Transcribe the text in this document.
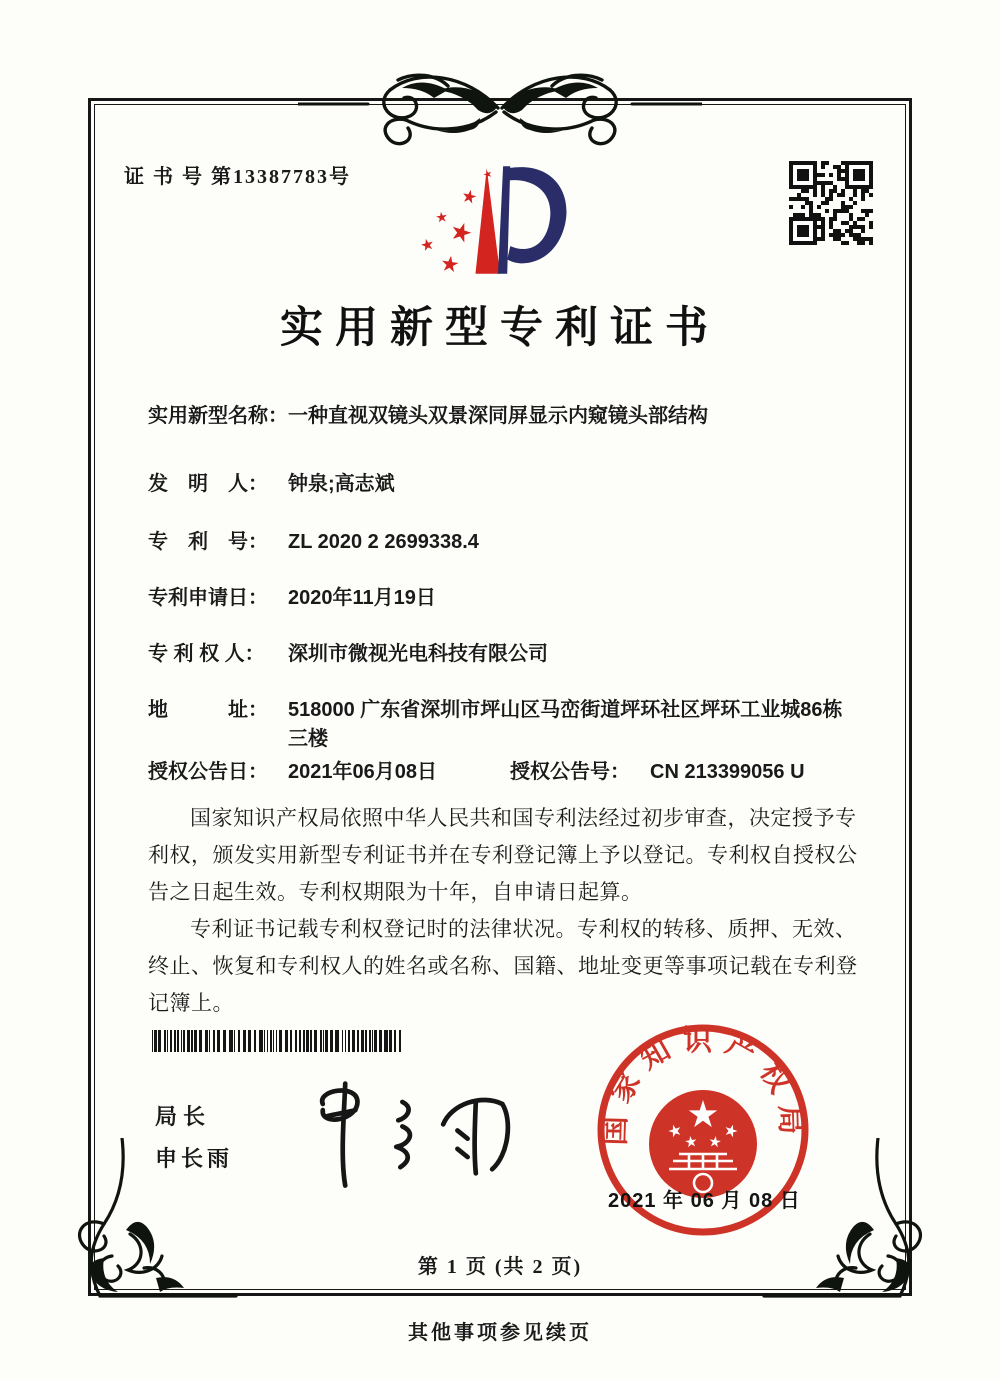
证 书 号 第13387783号
实用新型专利证书
实用新型名称： 一种直视双镜头双景深同屏显示内窥镜头部结构
发　明　人：	钟泉;高志斌
专　利　号：	ZL 2020 2 2699338.4
专利申请日：	2020年11月19日
专 利 权 人：	深圳市微视光电科技有限公司
地　　　址：	518000 广东省深圳市坪山区马峦街道坪环社区坪环工业城86栋三楼
授权公告日：	2021年06月08日	授权公告号：	CN 213399056 U

国家知识产权局依照中华人民共和国专利法经过初步审查，决定授予专利权，颁发实用新型专利证书并在专利登记簿上予以登记。专利权自授权公告之日起生效。专利权期限为十年，自申请日起算。

专利证书记载专利权登记时的法律状况。专利权的转移、质押、无效、终止、恢复和专利权人的姓名或名称、国籍、地址变更等事项记载在专利登记簿上。

局长
申长雨
国家知识产权局
2021 年 06 月 08 日
第 1 页 (共 2 页)
其他事项参见续页
